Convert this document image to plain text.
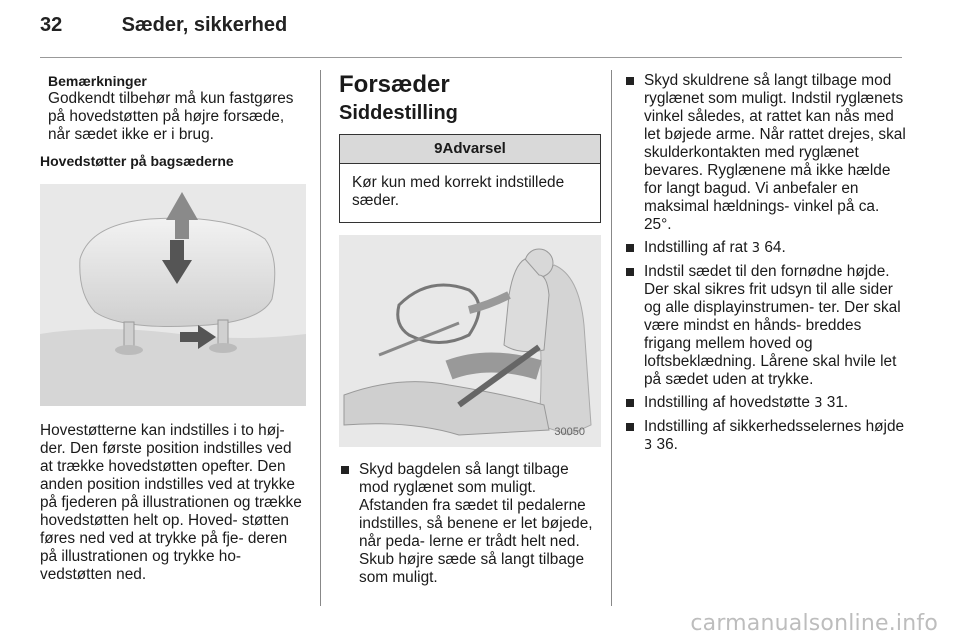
32	Sæder, sikkerhed
Bemærkninger
Godkendt tilbehør må kun fastgøres på hovedstøtten på højre forsæde, når sædet ikke er i brug.
Hovedstøtter på bagsæderne
Hovestøtterne kan indstilles i to høj- der. Den første position indstilles ved at trække hovedstøtten opefter. Den anden position indstilles ved at trykke på fjederen på illustrationen og trække hovedstøtten helt op. Hoved- støtten føres ned ved at trykke på fje- deren på illustrationen og trykke ho- vedstøtten ned.
Forsæder
Siddestilling
9Advarsel
Kør kun med korrekt indstillede sæder.
30050
Skyd bagdelen så langt tilbage mod ryglænet som muligt. Afstanden fra sædet til pedalerne indstilles, så benene er let bøjede, når peda- lerne er trådt helt ned. Skub højre sæde så langt tilbage som muligt.
Skyd skuldrene så langt tilbage mod ryglænet som muligt. Indstil ryglænets vinkel således, at rattet kan nås med let bøjede arme. Når rattet drejes, skal skulderkontakten med ryglænet bevares. Ryglænene må ikke hælde for langt bagud. Vi anbefaler en maksimal hældnings- vinkel på ca. 25°.
Indstilling af rat 3 64.
Indstil sædet til den fornødne højde. Der skal sikres frit udsyn til alle sider og alle displayinstrumen- ter. Der skal være mindst en hånds- breddes frigang mellem hoved og loftsbeklædning. Lårene skal hvile let på sædet uden at trykke.
Indstilling af hovedstøtte 3 31.
Indstilling af sikkerhedsselernes højde 3 36.
carmanualsonline.info
